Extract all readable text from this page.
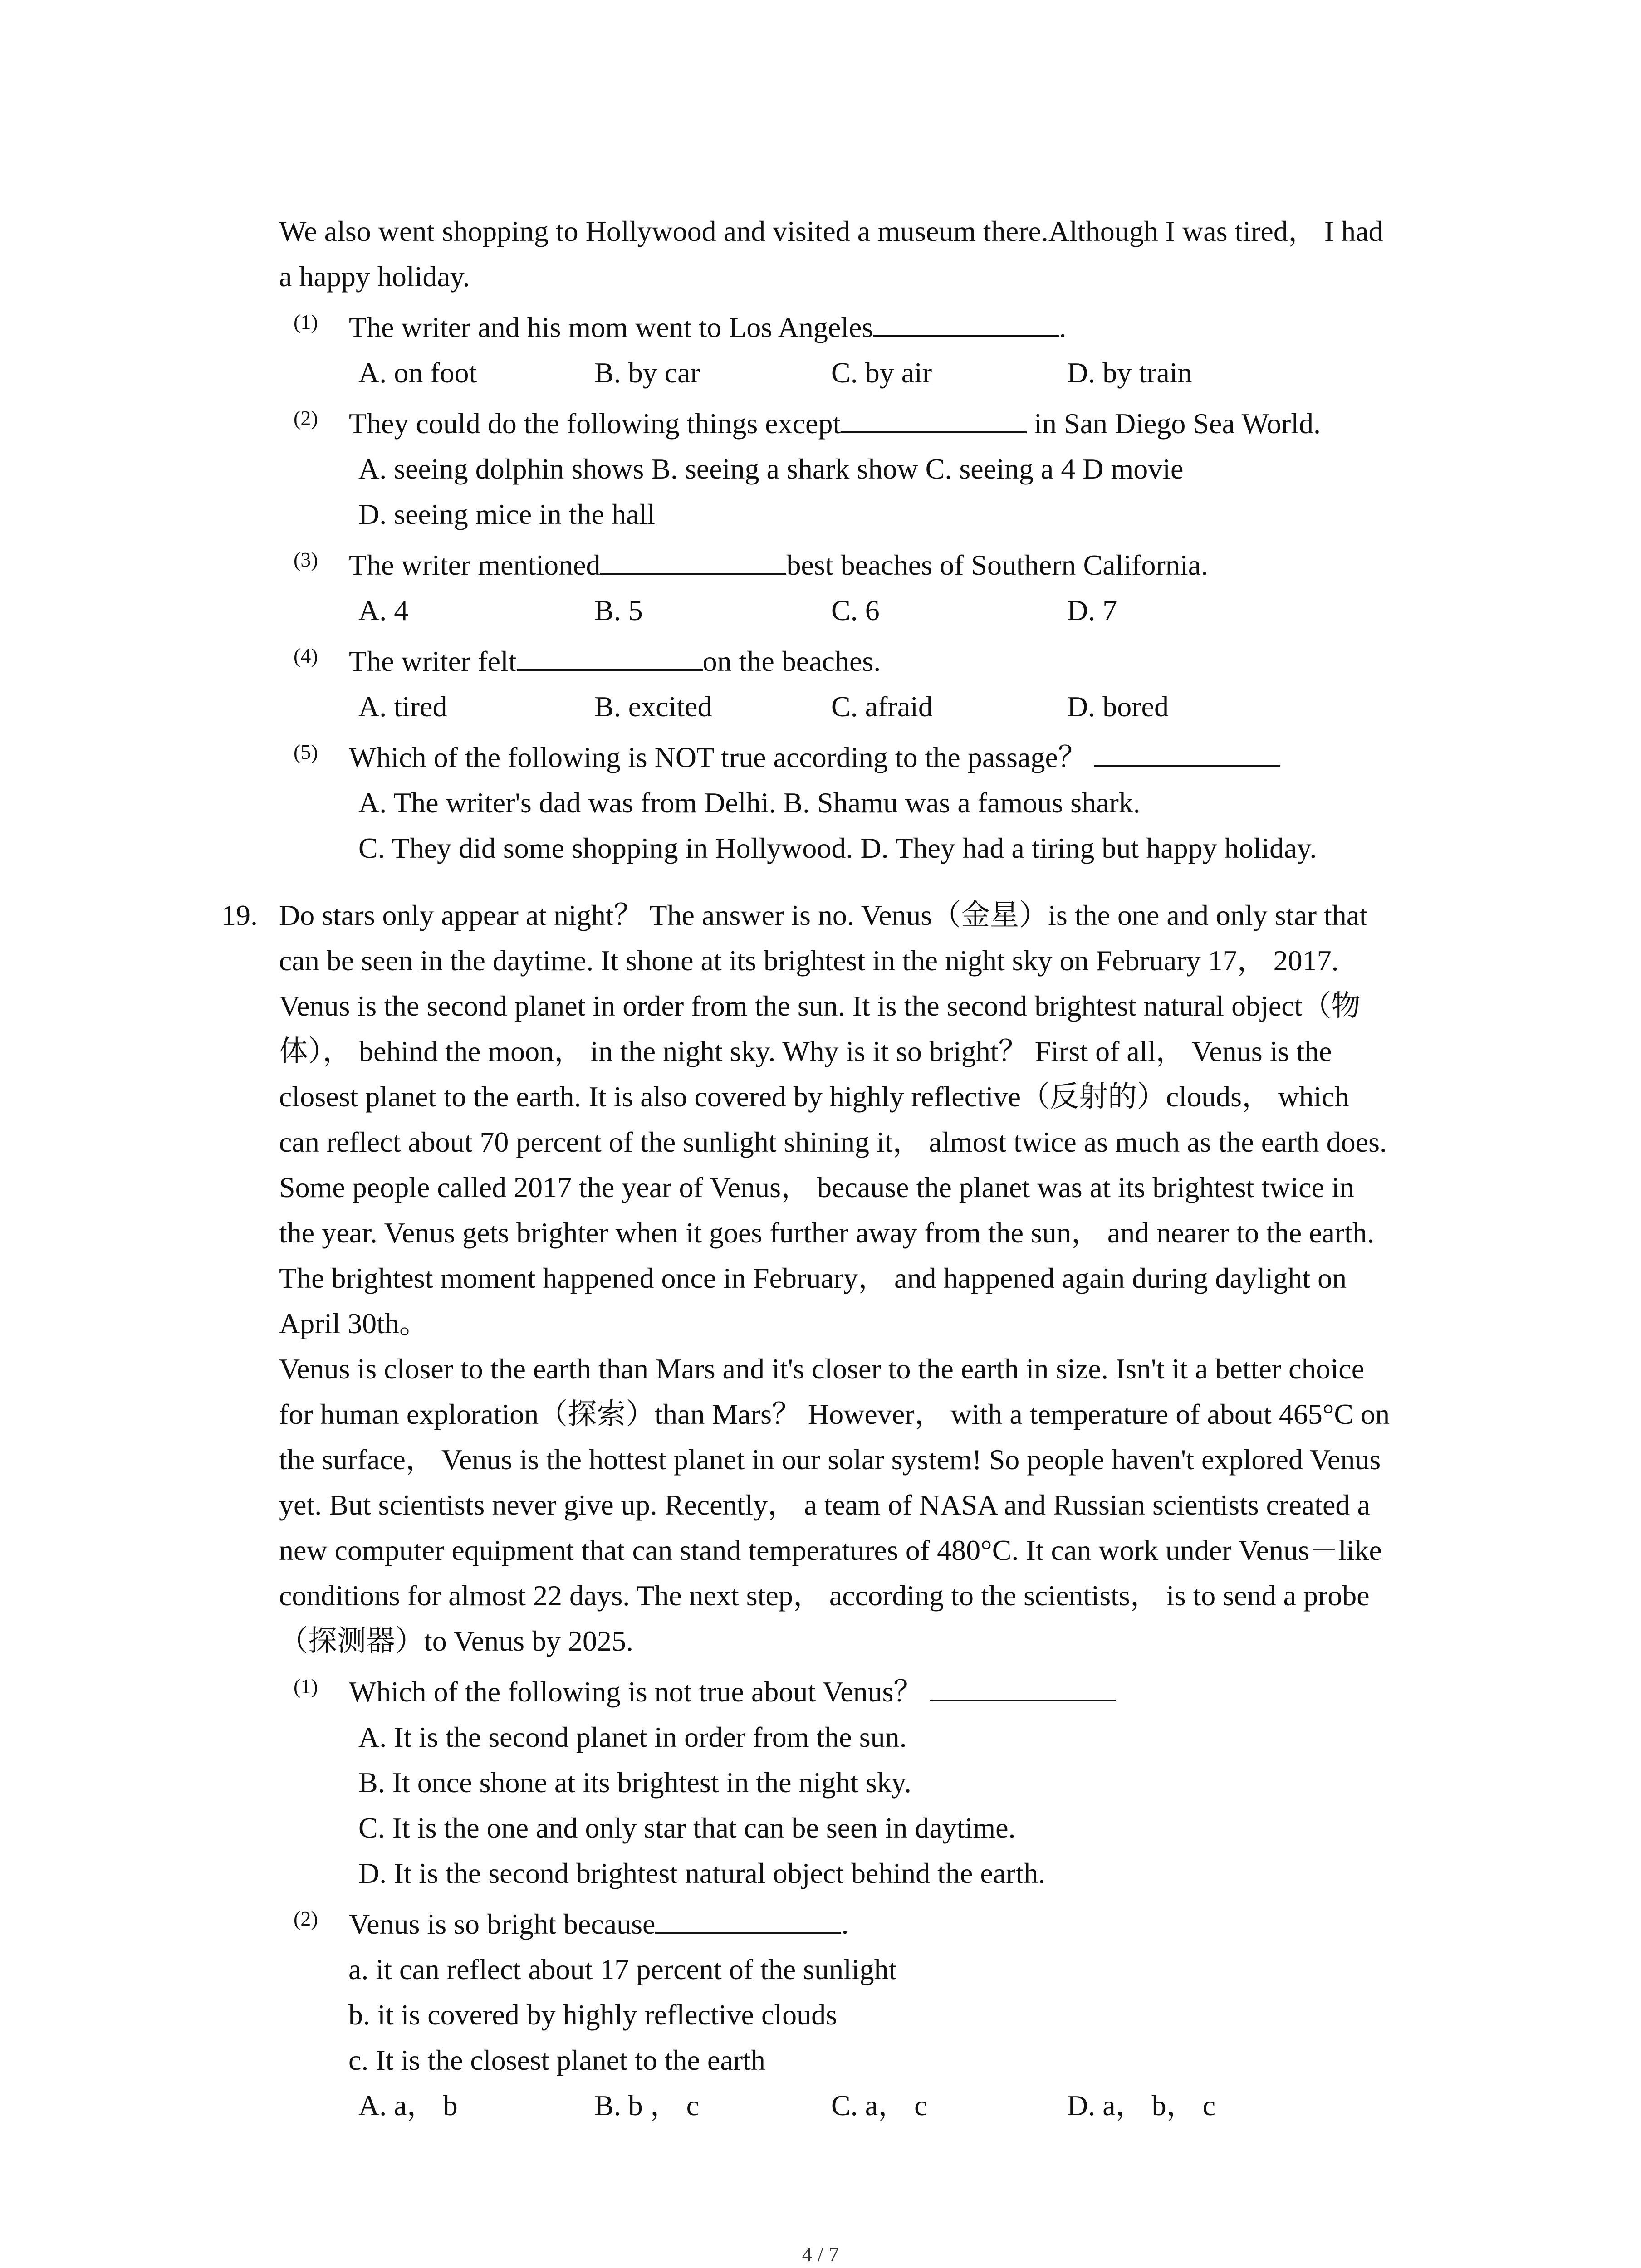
We also went shopping to Hollywood and visited a museum there.Although I was tired， I had
a happy holiday.
(1) The writer and his mom went to Los Angeles	.
A. on foot	B. by car	C. by air	D. by train
(2) They could do the following things except	in San Diego Sea World.
A. seeing dolphin shows B. seeing a shark show C. seeing a 4 D movie
D. seeing mice in the hall
(3) The writer mentioned	best beaches of Southern California.
A. 4	B. 5	C. 6	D. 7
(4) The writer felt	on the beaches.
A. tired	B. excited	C. afraid	D. bored
(5) Which of the following is NOT true according to the passage？
A. The writer's dad was from Delhi. B. Shamu was a famous shark.
C. They did some shopping in Hollywood. D. They had a tiring but happy holiday.
19. Do stars only appear at night？ The answer is no. Venus（金星）is the one and only star that
can be seen in the daytime. It shone at its brightest in the night sky on February 17， 2017.
Venus is the second planet in order from the sun. It is the second brightest natural object（物
体）， behind the moon， in the night sky. Why is it so bright？ First of all， Venus is the
closest planet to the earth. It is also covered by highly reflective（反射的）clouds， which
can reflect about 70 percent of the sunlight shining it， almost twice as much as the earth does.
Some people called 2017 the year of Venus， because the planet was at its brightest twice in
the year. Venus gets brighter when it goes further away from the sun， and nearer to the earth.
The brightest moment happened once in February， and happened again during daylight on
April 30th。
Venus is closer to the earth than Mars and it's closer to the earth in size. Isn't it a better choice
for human exploration（探索）than Mars？ However， with a temperature of about 465°C on
the surface， Venus is the hottest planet in our solar system! So people haven't explored Venus
yet. But scientists never give up. Recently， a team of NASA and Russian scientists created a
new computer equipment that can stand temperatures of 480°C. It can work under Venus－like
conditions for almost 22 days. The next step， according to the scientists， is to send a probe
（探测器）to Venus by 2025.
(1) Which of the following is not true about Venus？
A. It is the second planet in order from the sun.
B. It once shone at its brightest in the night sky.
C. It is the one and only star that can be seen in daytime.
D. It is the second brightest natural object behind the earth.
(2) Venus is so bright because	.
a. it can reflect about 17 percent of the sunlight
b. it is covered by highly reflective clouds
c. It is the closest planet to the earth
A. a， b	B. b ， c	C. a， c	D. a， b， c
4 / 7
